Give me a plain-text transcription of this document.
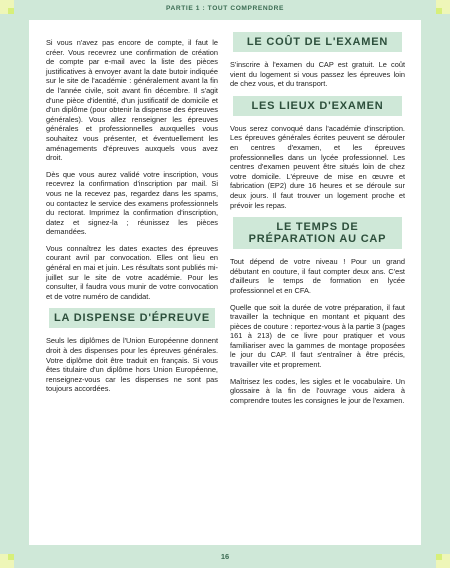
PARTIE 1 : TOUT COMPRENDRE

Si vous n'avez pas encore de compte, il faut le créer. Vous recevrez une confirmation de création de compte par e-mail avec la liste des pièces justificatives à envoyer avant la date butoir indiquée sur le site de l'académie : généralement avant la fin de l'année civile, soit avant fin décembre. Il s'agit d'une pièce d'identité, d'un justificatif de domicile et d'un diplôme (pour obtenir la dispense des épreuves générales). Vous allez renseigner les épreuves générales et professionnelles auxquelles vous souhaitez vous présenter, et éventuellement les aménagements d'épreuves auxquels vous avez droit.

Dès que vous aurez validé votre inscription, vous recevrez la confirmation d'inscription par mail. Si vous ne la recevez pas, regardez dans les spams, ou contactez le service des examens professionnels du rectorat. Imprimez la confirmation d'inscription, datez et signez-la ; réunissez les pièces demandées.

Vous connaîtrez les dates exactes des épreuves courant avril par convocation. Elles ont lieu en général en mai et juin. Les résultats sont publiés mi-juillet sur le site de votre académie. Pour les consulter, il faudra vous munir de votre convocation et de votre numéro de candidat.

LA DISPENSE D'ÉPREUVE

Seuls les diplômes de l'Union Européenne donnent droit à des dispenses pour les épreuves générales. Votre diplôme doit être traduit en français. Si vous êtes titulaire d'un diplôme hors Union Européenne, renseignez-vous car les dispenses ne sont pas toujours accordées.

LE COÛT DE L'EXAMEN

S'inscrire à l'examen du CAP est gratuit. Le coût vient du logement si vous passez les épreuves loin de chez vous, et du transport.

LES LIEUX D'EXAMEN

Vous serez convoqué dans l'académie d'inscription. Les épreuves générales écrites peuvent se dérouler en centres d'examen, et les épreuves professionnelles dans un lycée professionnel. Les centres d'examen peuvent être situés loin de chez votre domicile. L'épreuve de mise en œuvre et fabrication (EP2) dure 16 heures et se déroule sur deux jours. Il faut trouver un logement proche et prévoir les repas.

LE TEMPS DE PRÉPARATION AU CAP

Tout dépend de votre niveau ! Pour un grand débutant en couture, il faut compter deux ans. C'est d'ailleurs le temps de formation en lycée professionnel et en CFA.

Quelle que soit la durée de votre préparation, il faut travailler la technique en montant et piquant des pièces de couture : reportez-vous à la partie 3 (pages 161 à 213) de ce livre pour pratiquer et vous familiariser avec la gammes de montage proposées le jour du CAP. Il faut s'entraîner à être précis, travailler vite et proprement.

Maîtrisez les codes, les sigles et le vocabulaire. Un glossaire à la fin de l'ouvrage vous aidera à comprendre toutes les consignes le jour de l'examen.

16
